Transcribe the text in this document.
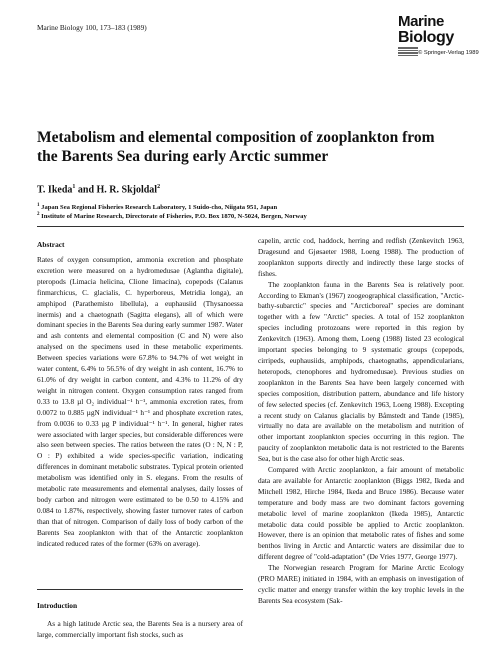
Marine Biology 100, 173–183 (1989)	Marine
Biology
© Springer-Verlag 1989
Metabolism and elemental composition of zooplankton from the Barents Sea during early Arctic summer
T. Ikeda$^1$ and H. R. Skjoldal$^2$
$^1$ Japan Sea Regional Fisheries Research Laboratory, 1 Suido-cho, Niigata 951, Japan
$^2$ Institute of Marine Research, Directorate of Fisheries, P.O. Box 1870, N-5024, Bergen, Norway
Abstract

Rates of oxygen consumption, ammonia excretion and phosphate excretion were measured on a hydromedusae (Aglantha digitale), pteropods (Limacia helicina, Clione limacina), copepods (Calanus finmarchicus, C. glacialis, C. hyperboreus, Metridia longa), an amphipod (Parathemisto libellula), a euphausiid (Thysanoessa inermis) and a chaetognath (Sagitta elegans), all of which were dominant species in the Barents Sea during early summer 1987. Water and ash contents and elemental composition (C and N) were also analysed on the specimens used in these metabolic experiments. Between species variations were 67.8% to 94.7% of wet weight in water content, 6.4% to 56.5% of dry weight in ash content, 16.7% to 61.0% of dry weight in carbon content, and 4.3% to 11.2% of dry weight in nitrogen content. Oxygen consumption rates ranged from 0.33 to 13.8 µl O₂ individual⁻¹ h⁻¹, ammonia excretion rates, from 0.0072 to 0.885 µgN individual⁻¹ h⁻¹ and phosphate excretion rates, from 0.0036 to 0.33 µg P individual⁻¹ h⁻¹. In general, higher rates were associated with larger species, but considerable differences were also seen between species. The ratios between the rates (O : N, N : P, O : P) exhibited a wide species-specific variation, indicating differences in dominant metabolic substrates. Typical protein oriented metabolism was identified only in S. elegans. From the results of metabolic rate measurements and elemental analyses, daily losses of body carbon and nitrogen were estimated to be 0.50 to 4.15% and 0.084 to 1.87%, respectively, showing faster turnover rates of carbon than that of nitrogen. Comparison of daily loss of body carbon of the Barents Sea zooplankton with that of the Antarctic zooplankton indicated reduced rates of the former (63% on average).

Introduction

As a high latitude Arctic sea, the Barents Sea is a nursery area of large, commercially important fish stocks, such as

capelin, arctic cod, haddock, herring and redfish (Zenkevitch 1963, Dragesund and Gjøsaeter 1988, Loeng 1988). The production of zooplankton supports directly and indirectly these large stocks of fishes.

The zooplankton fauna in the Barents Sea is relatively poor. According to Ekman's (1967) zoogeographical classification, "Arctic-bathy-subarctic" species and "Arcticboreal" species are dominant together with a few "Arctic" species. A total of 152 zooplankton species including protozoans were reported in this region by Zenkevitch (1963). Among them, Loeng (1988) listed 23 ecological important species belonging to 9 systematic groups (copepods, cirripeds, euphausiids, amphipods, chaetognaths, appendicularians, heteropods, ctenophores and hydromedusae). Previous studies on zooplankton in the Barents Sea have been largely concerned with species composition, distribution pattern, abundance and life history of few selected species (cf. Zenkevitch 1963, Loeng 1988). Excepting a recent study on Calanus glacialis by Båmstedt and Tande (1985), virtually no data are available on the metabolism and nutrition of other important zooplankton species occurring in this region. The paucity of zooplankton metabolic data is not restricted to the Barents Sea, but is the case also for other high Arctic seas.

Compared with Arctic zooplankton, a fair amount of metabolic data are available for Antarctic zooplankton (Biggs 1982, Ikeda and Mitchell 1982, Hirche 1984, Ikeda and Bruce 1986). Because water temperature and body mass are two dominant factors governing metabolic level of marine zooplankton (Ikeda 1985), Antarctic metabolic data could possible be applied to Arctic zooplankton. However, there is an opinion that metabolic rates of fishes and some benthos living in Arctic and Antarctic waters are dissimilar due to different degree of "cold-adaptation" (De Vries 1977, George 1977).

The Norwegian research Program for Marine Arctic Ecology (PRO MARE) initiated in 1984, with an emphasis on investigation of cyclic matter and energy transfer within the key trophic levels in the Barents Sea ecosystem (Sak-
